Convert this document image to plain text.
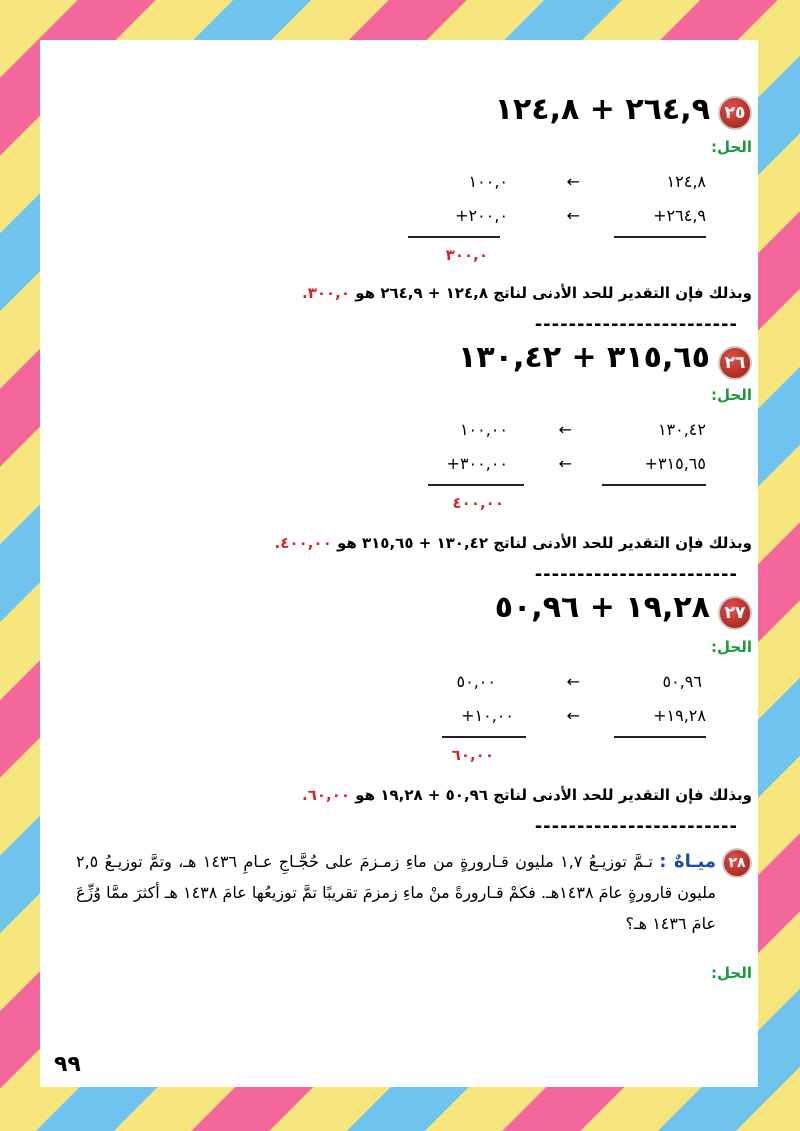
٢٥
٢٦٤,٩ + ١٢٤,٨
الحل:
١٢٤,٨
←
١٠٠,٠
٢٦٤,٩+
←
٢٠٠,٠+
٣٠٠,٠
وبذلك فإن التقدير للحد الأدنى لناتج ١٢٤,٨ + ٢٦٤,٩ هو ٣٠٠,٠.
------------------------
٢٦
٣١٥,٦٥ + ١٣٠,٤٢
الحل:
١٣٠,٤٢
←
١٠٠,٠٠
٣١٥,٦٥+
←
٣٠٠,٠٠+
٤٠٠,٠٠
وبذلك فإن التقدير للحد الأدنى لناتج ١٣٠,٤٢ + ٣١٥,٦٥ هو ٤٠٠,٠٠.
------------------------
٢٧
١٩,٢٨ + ٥٠,٩٦
الحل:
٥٠,٩٦
←
٥٠,٠٠
١٩,٢٨+
←
١٠,٠٠+
٦٠,٠٠
وبذلك فإن التقدير للحد الأدنى لناتج ٥٠,٩٦ + ١٩,٢٨ هو ٦٠,٠٠.
------------------------
٢٨
ميـاهٌ : تـمَّ توزيـعُ ١,٧ مليون قـارورةٍ من ماءِ زمـزمَ على حُجَّـاجِ عـامِ ١٤٣٦ هـ، وتمَّ توزيـعُ ٢,٥ مليون قارورةٍ عامَ ١٤٣٨هـ. فكمْ قـارورةً منْ ماءِ زمزمَ تقريبًا تمَّ توزيعُها عامَ ١٤٣٨ هـ أكثرَ ممَّا وُزِّعَ عامَ ١٤٣٦ هـ؟
الحل:
٩٩
